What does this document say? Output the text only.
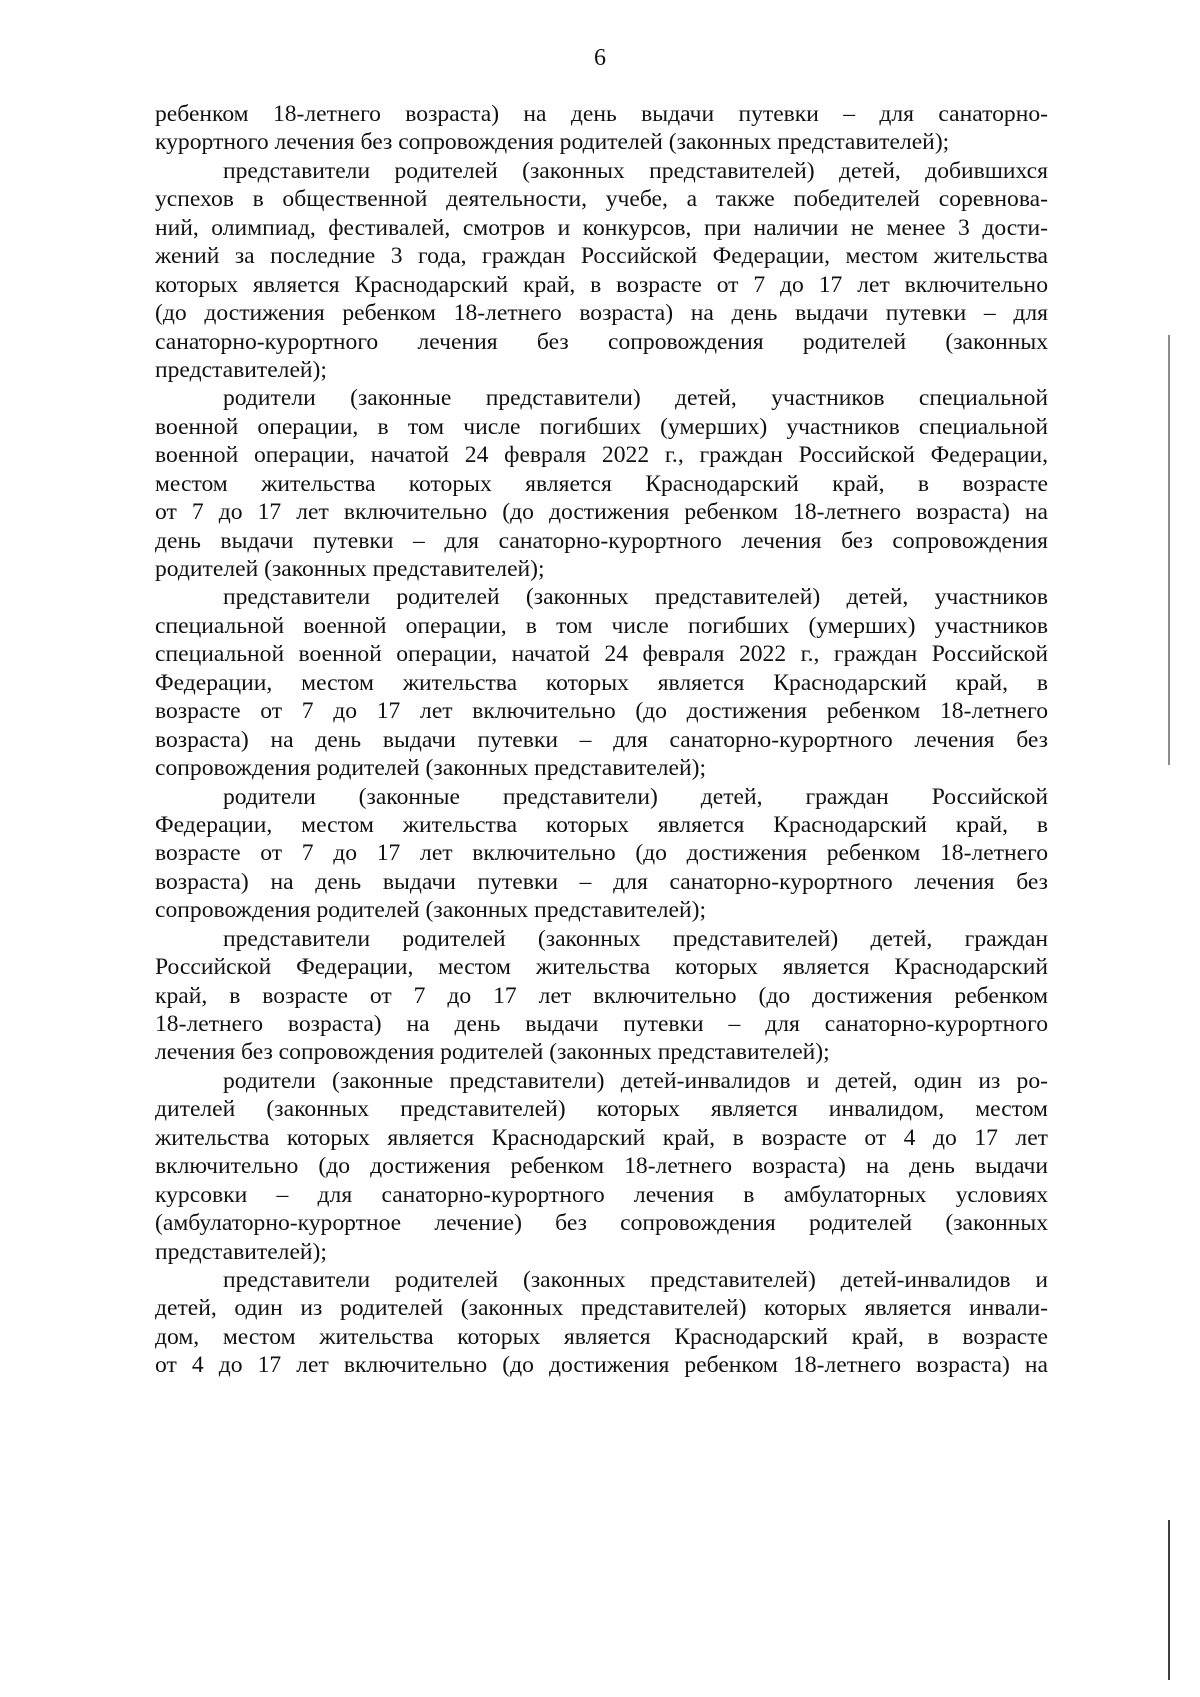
6
ребенком 18-летнего возраста) на день выдачи путевки – для санаторно-
курортного лечения без сопровождения родителей (законных представителей);
представители родителей (законных представителей) детей, добившихся
успехов в общественной деятельности, учебе, а также победителей соревнова-
ний, олимпиад, фестивалей, смотров и конкурсов, при наличии не менее 3 дости-
жений за последние 3 года, граждан Российской Федерации, местом жительства
которых является Краснодарский край, в возрасте от 7 до 17 лет включительно
(до достижения ребенком 18-летнего возраста) на день выдачи путевки – для
санаторно-курортного лечения без сопровождения родителей (законных
представителей);
родители (законные представители) детей, участников специальной
военной операции, в том числе погибших (умерших) участников специальной
военной операции, начатой 24 февраля 2022 г., граждан Российской Федерации,
местом жительства которых является Краснодарский край, в возрасте
от 7 до 17 лет включительно (до достижения ребенком 18-летнего возраста) на
день выдачи путевки – для санаторно-курортного лечения без сопровождения
родителей (законных представителей);
представители родителей (законных представителей) детей, участников
специальной военной операции, в том числе погибших (умерших) участников
специальной военной операции, начатой 24 февраля 2022 г., граждан Российской
Федерации, местом жительства которых является Краснодарский край, в
возрасте от 7 до 17 лет включительно (до достижения ребенком 18-летнего
возраста) на день выдачи путевки – для санаторно-курортного лечения без
сопровождения родителей (законных представителей);
родители (законные представители) детей, граждан Российской
Федерации, местом жительства которых является Краснодарский край, в
возрасте от 7 до 17 лет включительно (до достижения ребенком 18-летнего
возраста) на день выдачи путевки – для санаторно-курортного лечения без
сопровождения родителей (законных представителей);
представители родителей (законных представителей) детей, граждан
Российской Федерации, местом жительства которых является Краснодарский
край, в возрасте от 7 до 17 лет включительно (до достижения ребенком
18-летнего возраста) на день выдачи путевки – для санаторно-курортного
лечения без сопровождения родителей (законных представителей);
родители (законные представители) детей-инвалидов и детей, один из ро-
дителей (законных представителей) которых является инвалидом, местом
жительства которых является Краснодарский край, в возрасте от 4 до 17 лет
включительно (до достижения ребенком 18-летнего возраста) на день выдачи
курсовки – для санаторно-курортного лечения в амбулаторных условиях
(амбулаторно-курортное лечение) без сопровождения родителей (законных
представителей);
представители родителей (законных представителей) детей-инвалидов и
детей, один из родителей (законных представителей) которых является инвали-
дом, местом жительства которых является Краснодарский край, в возрасте
от 4 до 17 лет включительно (до достижения ребенком 18-летнего возраста) на
